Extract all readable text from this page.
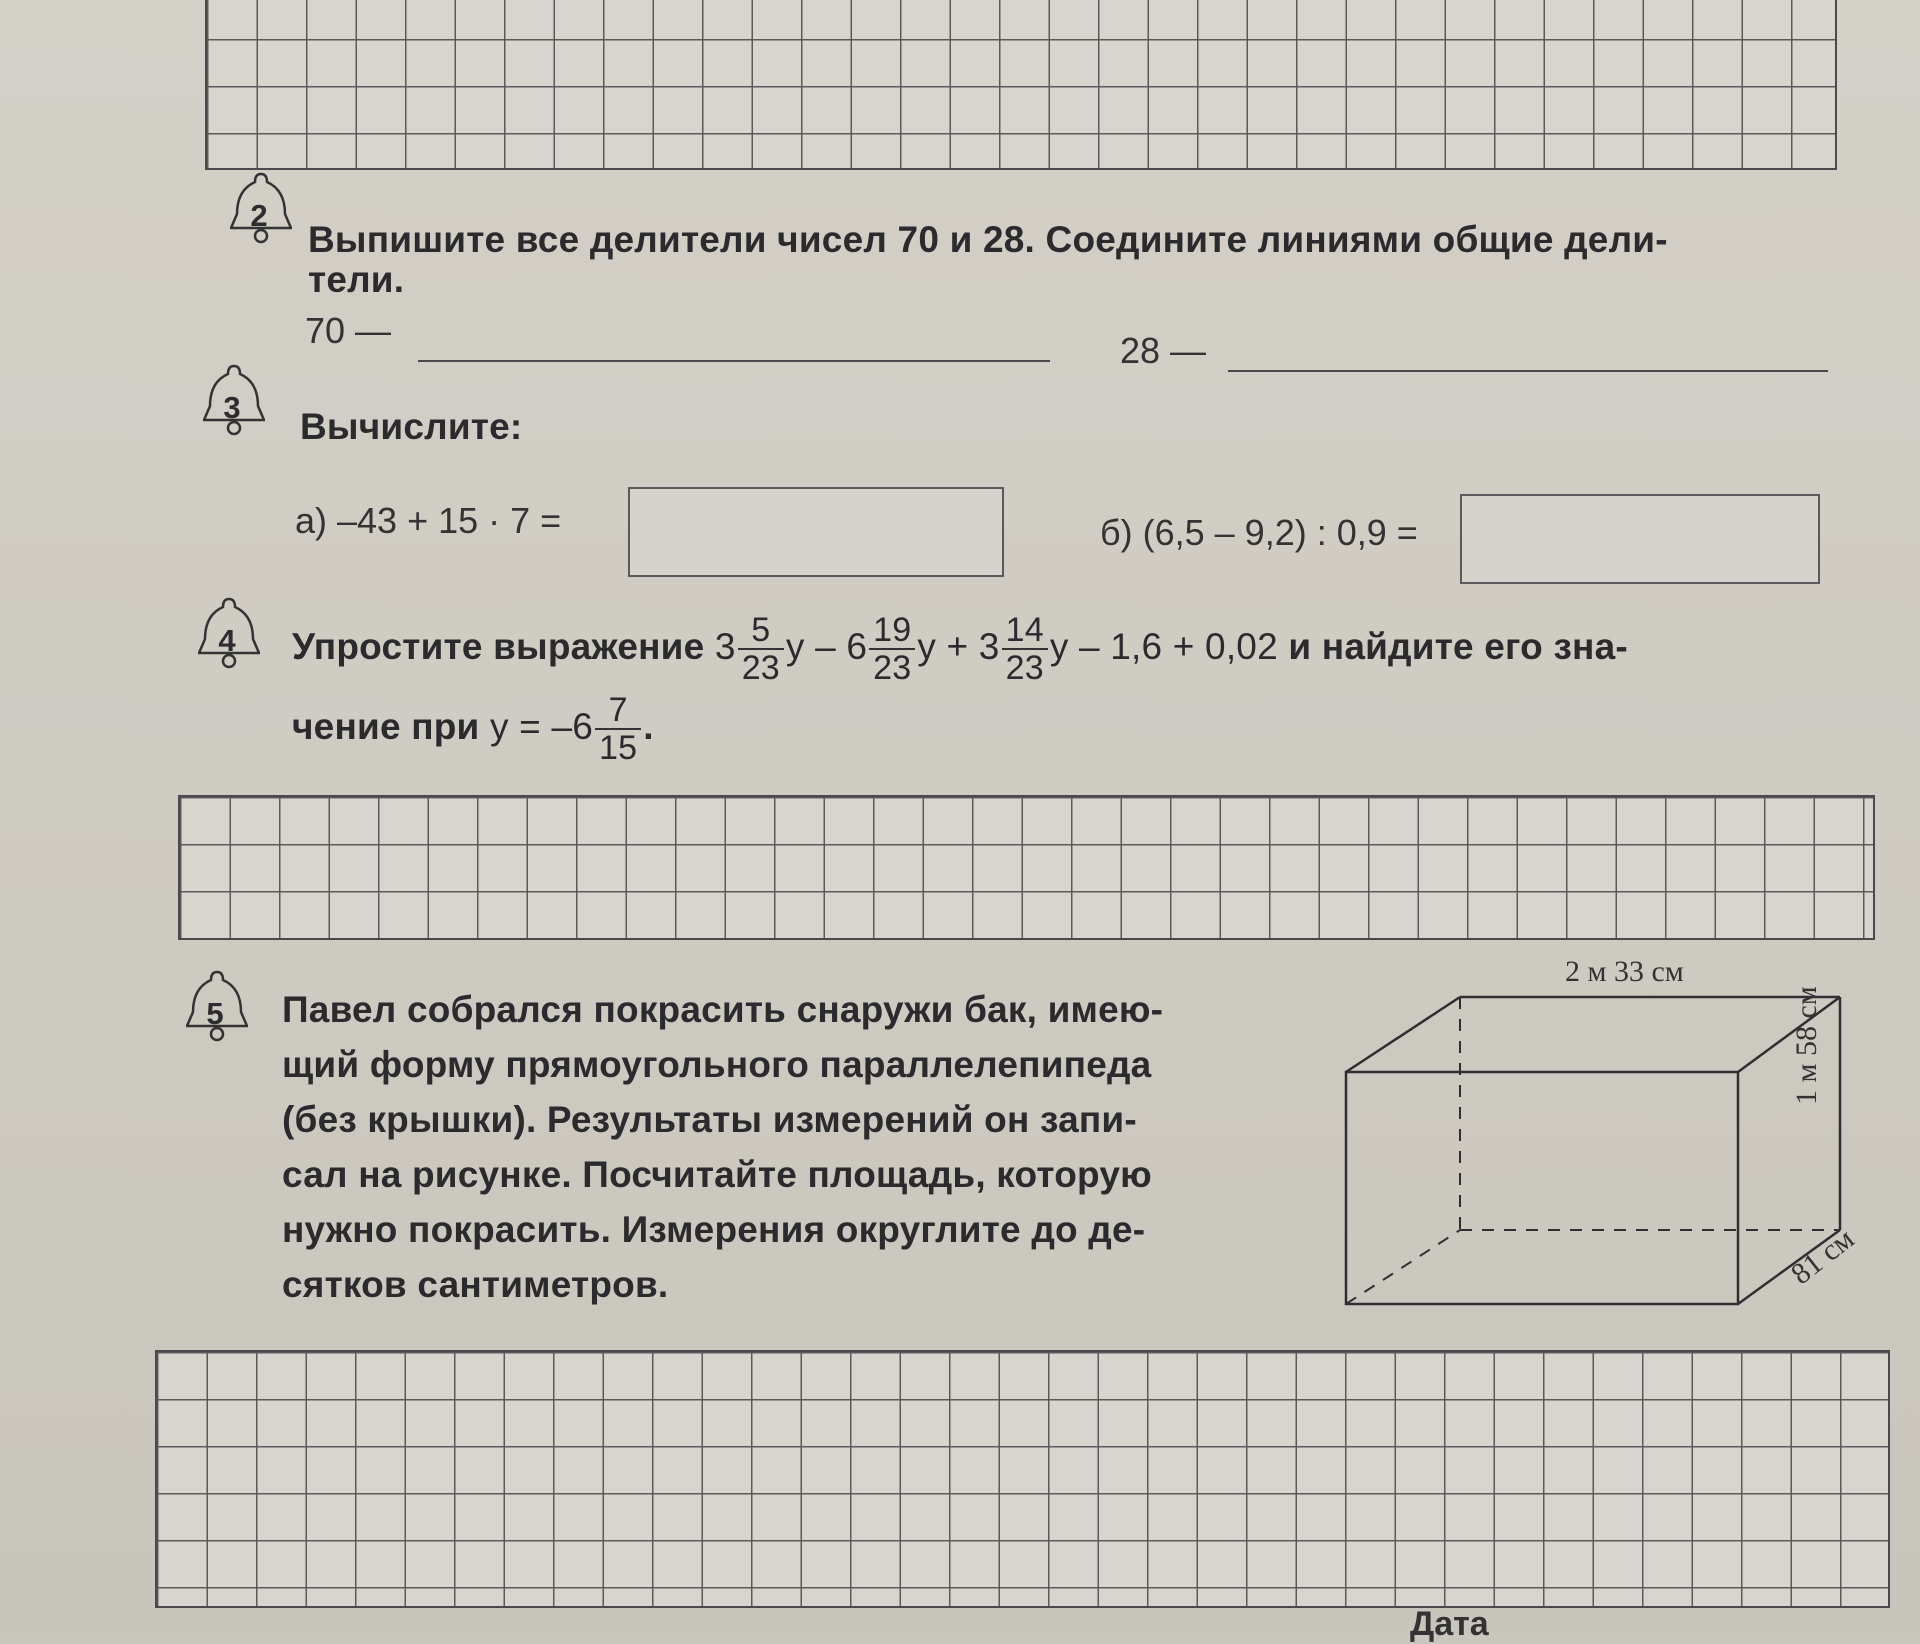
2
Выпишите все делители чисел 70 и 28. Соедините линиями общие дели-
тели.
70 —	28 —
3	Вычислите:
а) –43 + 15 · 7 =	б) (6,5 – 9,2) : 0,9 =
4	Упростите выражение $3 \frac{5}{23}$ y – $6 \frac{19}{23}$ $y + 3 \frac{14}{23}$ y – 1,6 + 0,02 и найдите его зна-
чение при $y = -6 \frac{7}{15}$ .
5	Павел собрался покрасить снаружи бак, имею-
щий форму прямоугольного параллелепипеда
(без крышки). Результаты измерений он запи-
сал на рисунке. Посчитайте площадь, которую
нужно покрасить. Измерения округлите до де-
сятков сантиметров.
2 м 33 см
1 м 58 см
81 см
Дата
